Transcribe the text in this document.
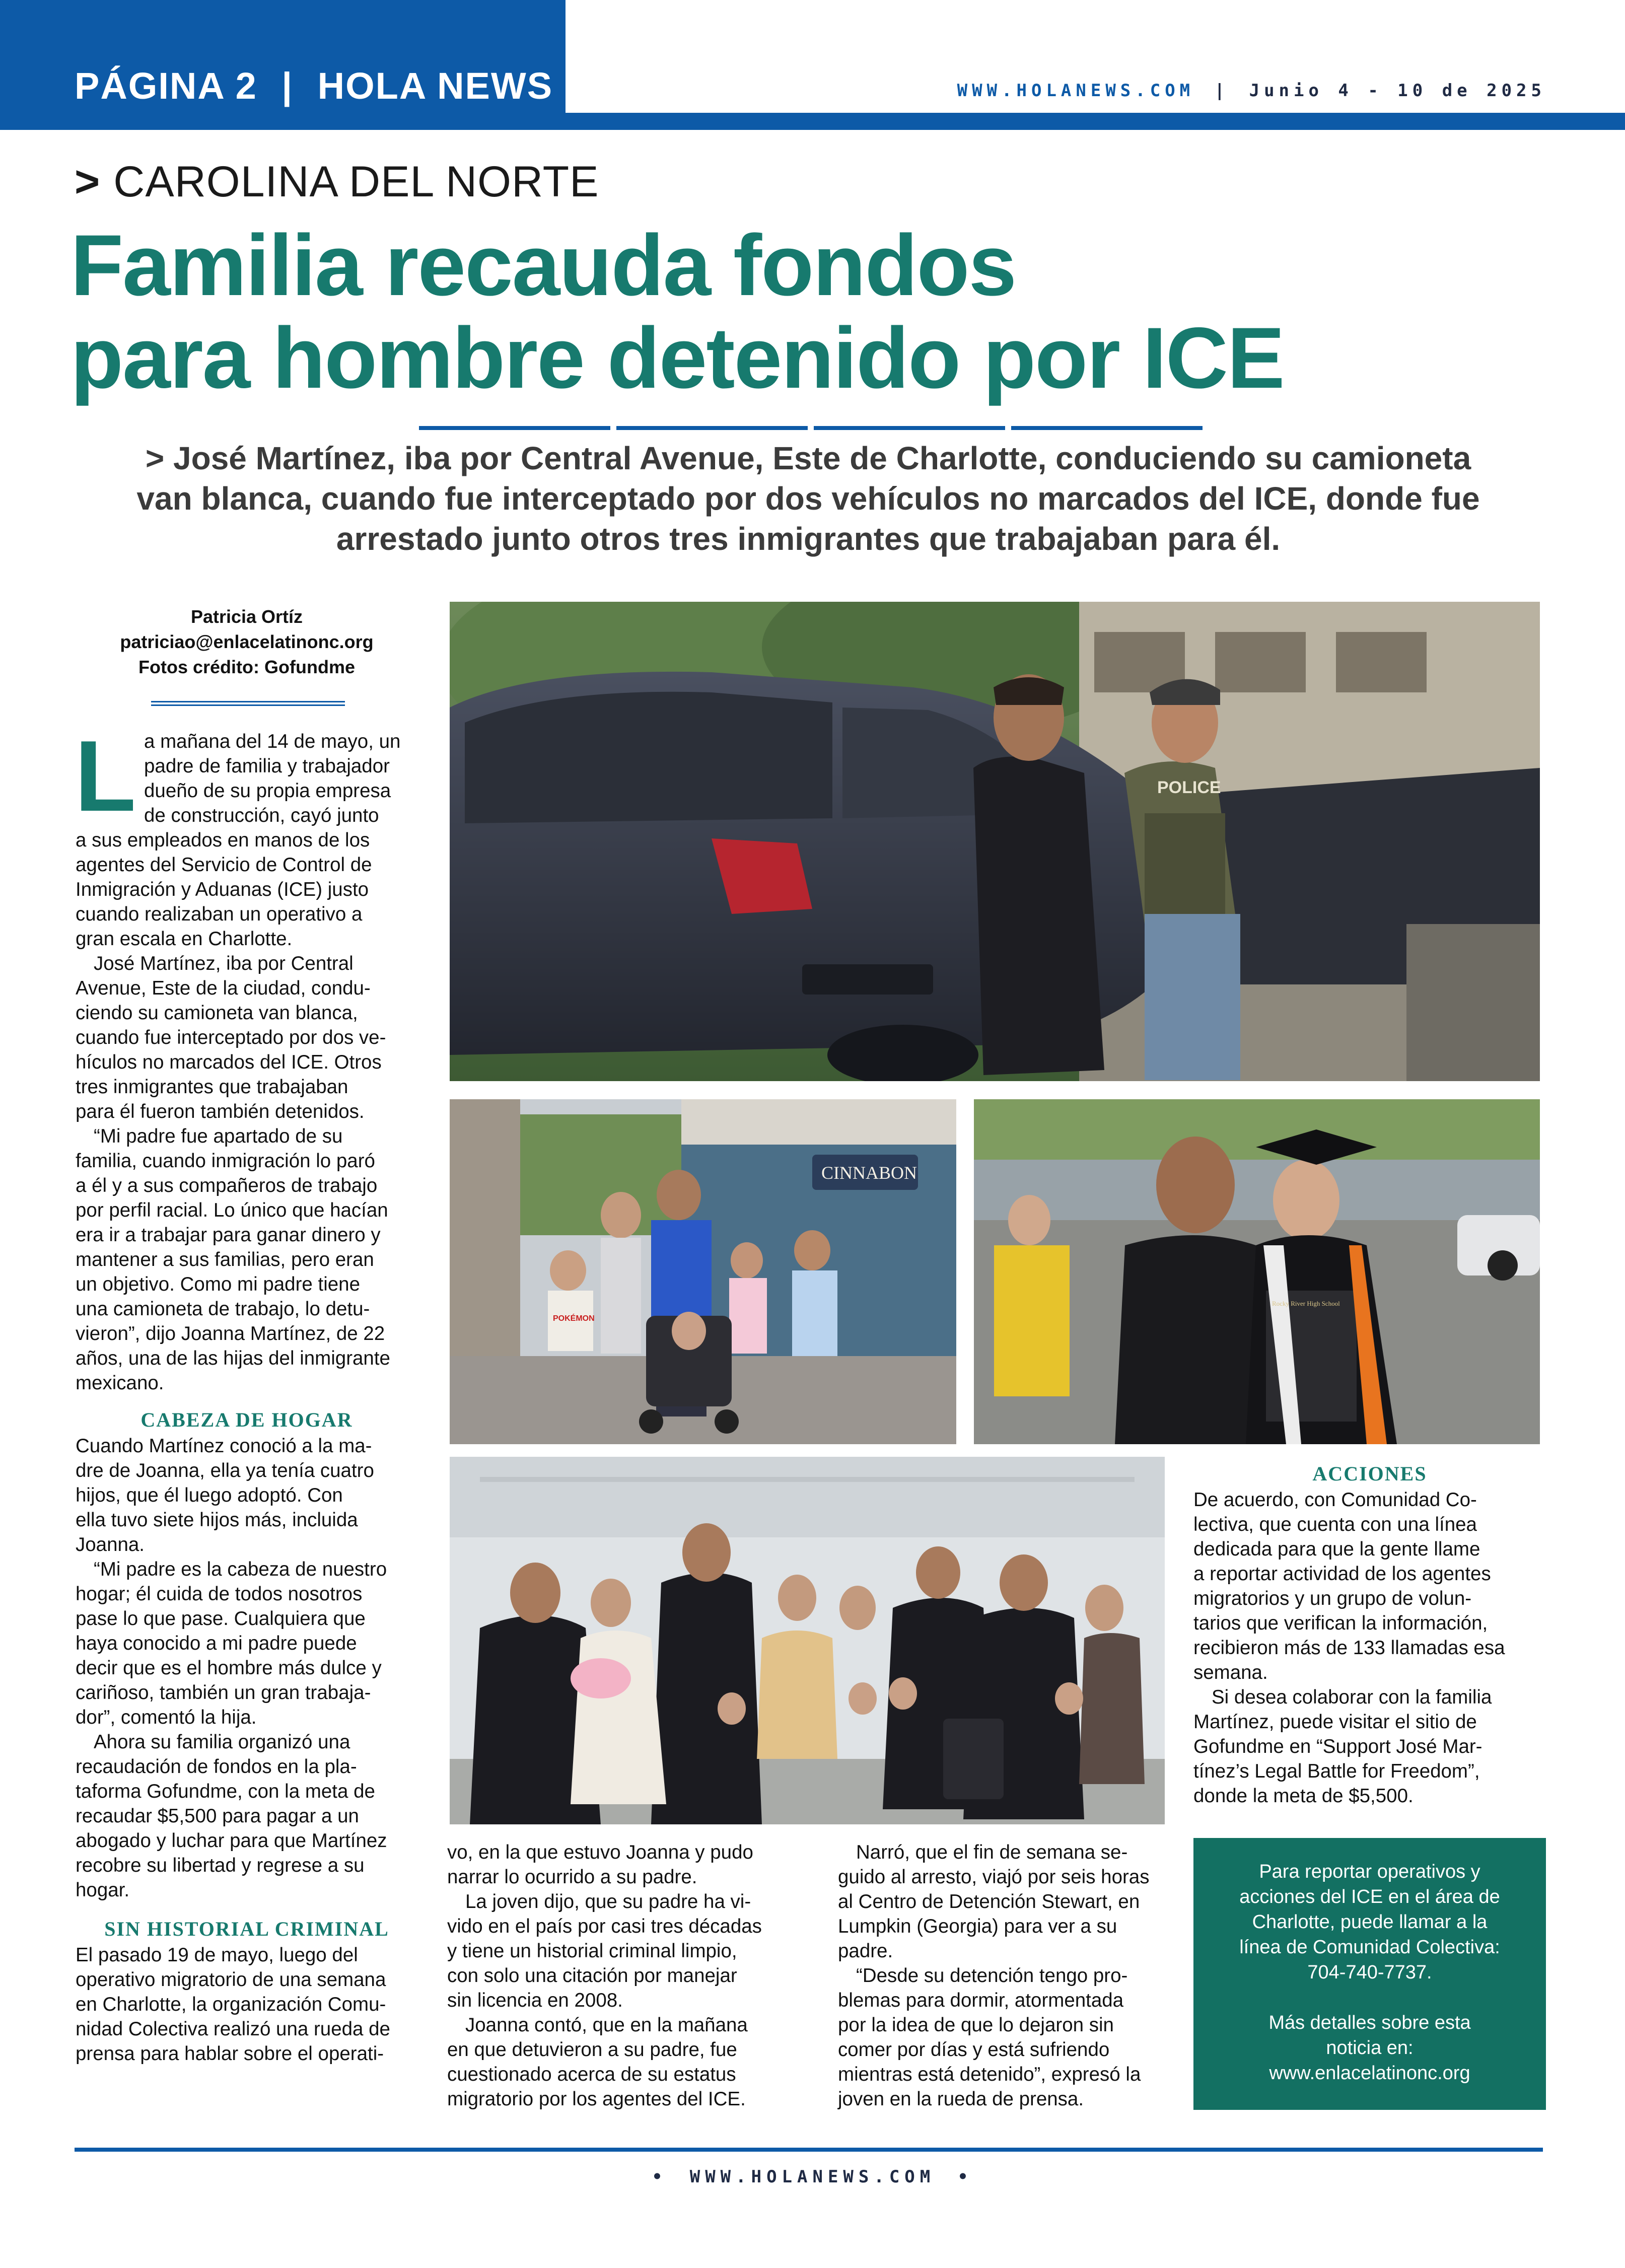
PÁGINA 2 | HOLA NEWS	WWW.HOLANEWS.COM | Junio 4 - 10 de 2025
> CAROLINA DEL NORTE
Familia recauda fondos
para hombre detenido por ICE
> José Martínez, iba por Central Avenue, Este de Charlotte, conduciendo su camioneta
van blanca, cuando fue interceptado por dos vehículos no marcados del ICE, donde fue
arrestado junto otros tres inmigrantes que trabajaban para él.
Patricia Ortíz
patriciao@enlacelatinonc.org
Fotos crédito: Gofundme
L a mañana del 14 de mayo, un

padre de familia y trabajador

dueño de su propia empresa

de construcción, cayó junto

a sus empleados en manos de los

agentes del Servicio de Control de

Inmigración y Aduanas (ICE) justo

cuando realizaban un operativo a

gran escala en Charlotte.

José Martínez, iba por Central

Avenue, Este de la ciudad, condu-

ciendo su camioneta van blanca,

cuando fue interceptado por dos ve-

hículos no marcados del ICE. Otros

tres inmigrantes que trabajaban

para él fueron también detenidos.

“Mi padre fue apartado de su

familia, cuando inmigración lo paró

a él y a sus compañeros de trabajo

por perfil racial. Lo único que hacían

era ir a trabajar para ganar dinero y

mantener a sus familias, pero eran

un objetivo. Como mi padre tiene

una camioneta de trabajo, lo detu-

vieron”, dijo Joanna Martínez, de 22

años, una de las hijas del inmigrante

mexicano.

CABEZA DE HOGAR

Cuando Martínez conoció a la ma-

dre de Joanna, ella ya tenía cuatro

hijos, que él luego adoptó. Con

ella tuvo siete hijos más, incluida

Joanna.

“Mi padre es la cabeza de nuestro

hogar; él cuida de todos nosotros

pase lo que pase. Cualquiera que

haya conocido a mi padre puede

decir que es el hombre más dulce y

cariñoso, también un gran trabaja-

dor”, comentó la hija.

Ahora su familia organizó una

recaudación de fondos en la pla-

taforma Gofundme, con la meta de

recaudar $5,500 para pagar a un

abogado y luchar para que Martínez

recobre su libertad y regrese a su

hogar.

SIN HISTORIAL CRIMINAL

El pasado 19 de mayo, luego del

operativo migratorio de una semana

en Charlotte, la organización Comu-

nidad Colectiva realizó una rueda de

prensa para hablar sobre el operati-

vo, en la que estuvo Joanna y pudo

narrar lo ocurrido a su padre.

La joven dijo, que su padre ha vi-

vido en el país por casi tres décadas

y tiene un historial criminal limpio,

con solo una citación por manejar

sin licencia en 2008.

Joanna contó, que en la mañana

en que detuvieron a su padre, fue

cuestionado acerca de su estatus

migratorio por los agentes del ICE.

Narró, que el fin de semana se-

guido al arresto, viajó por seis horas

al Centro de Detención Stewart, en

Lumpkin (Georgia) para ver a su

padre.

“Desde su detención tengo pro-

blemas para dormir, atormentada

por la idea de que lo dejaron sin

comer por días y está sufriendo

mientras está detenido”, expresó la

joven en la rueda de prensa.

ACCIONES

De acuerdo, con Comunidad Co-

lectiva, que cuenta con una línea

dedicada para que la gente llame

a reportar actividad de los agentes

migratorios y un grupo de volun-

tarios que verifican la información,

recibieron más de 133 llamadas esa

semana.

Si desea colaborar con la familia

Martínez, puede visitar el sitio de

Gofundme en “Support José Mar-

tínez’s Legal Battle for Freedom”,

donde la meta de $5,500.

POLICE
CINNABON
POKÉMON
Rocky River High School

Para reportar operativos y

acciones del ICE en el área de

Charlotte, puede llamar a la

línea de Comunidad Colectiva:

704-740-7737.

Más detalles sobre esta

noticia en:

www.enlacelatinonc.org

• WWW.HOLANEWS.COM •
